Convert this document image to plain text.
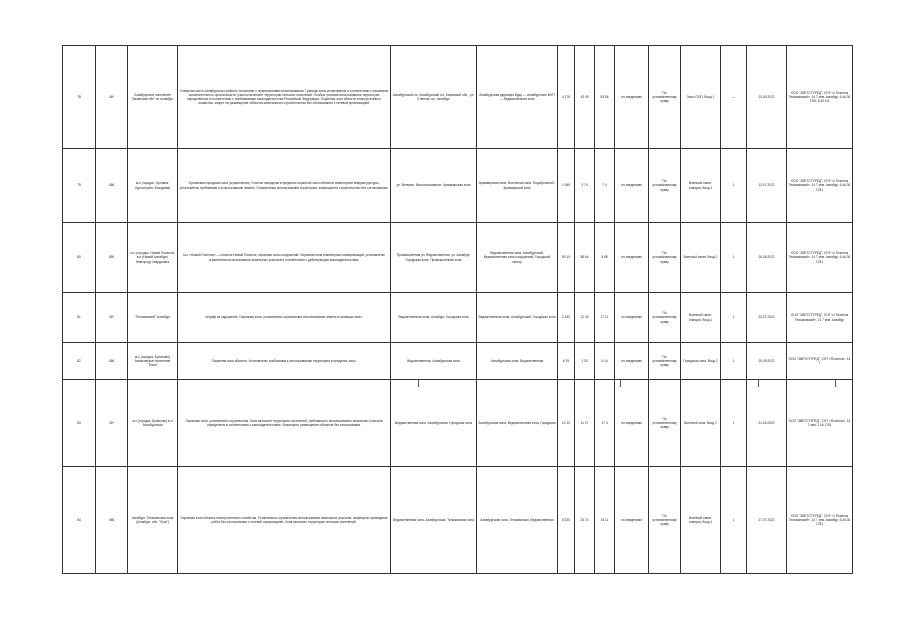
78	48*	Азнабургское поселение "Казанский обл" из Азнабург	Северная часть Азнабургского района, поселение с ограничениями использования. Границы зоны установлены в соответствии с решением исполнительного органа власти, участок включает территории сельских поселений. Особые условия использования территории определяются в соответствии с требованиями законодательства Российской Федерации. Охранная зона объекта электросетевого хозяйства, запрет на размещение объектов капитального строительства без согласования с сетевой организацией.	Азнабургский с/с, Азнабургский с/с, Казанский обл., ул. Степная, пр. Азнабург	Азнабургская дирекция Вуди — Азнабургское МУП — Ведомственная зона	4 178	43 49	83 56	по сведениям	По установленному праву	Зоны ООП, Вход 1	—	23.09.2022	ООО "ЗВЕТСТУРЕД", СНТ «1 Поселок Тельманский», 14 7 зем. Азнабур, 6.44.30 1781 5.43 и 5
79	456	м-с (городск. Орловск. Одностройн. Фасадная)	Орловская городская зона (ограничения). Участок находится в пределах охранной зоны объектов инженерной инфраструктуры, установлены требования к использованию земель. Ограничения использования территории: запрещается строительство без согласования.	ул. Ветеран. Восточнокирпичн. Армавирская зона	Армавирская зона, Восточная зона, Подобромной / Армавирской зоне	1 069	3 74	7 4	по сведениям	По установленному праву	Военный санит. станция, Вход 1	1	13.07.2022	ООО "ЗВЕТСТУРЕД", СНТ «1 Поселок Тельманский», 14 7 зем. Азнабур, 6.44.30 1781
80	559	м-с (городск. Новый Поселок) в-п (Новый Азнабург/Новгород) Свердловск	м-с «Новый Поселок» — поселок Новый Поселок, охранная зона сооружений. Охранная зона инженерных коммуникаций, установлены ограничения использования земельных участков в соответствии с действующим законодательством.	Промышленная ул. Ведомственная, ул. Азнабург, Городская зона, Промышленная зона	Ведомственная зона, Азнабургский, Ведомственная зона сооружений, Городской сектор	50 10	58 64	8 88	по сведениям	По установленному праву	Военный санит. Вход 2	1	26.08.2022	ООО "ЗВЕТСТУРЕД", СНТ «1 Поселок Тельманский», 14 7 зем. Азнабур, 6.44.30 1781
81	45*	"Тельманский" Азнабург	Штраф за нарушение. Охранная зона, установлены ограничения использования земель в границах зоны.	Ведомственная зона, Азнабург, Городская зона	Ведомственная зона, Азнабургский, Городская зона	2 450	12 30	17 11	по сведениям	По установленному праву	Военный санит. станция, Вход 1	1	23.07.2022	ООО "ЗВЕТСТУРЕД", СНТ «1 Поселок Тельманский», 14 7 зем. Азнабур
82	456	м-с (городск. Буланово) Ахматовское поселение "Тонга"	Охранная зона объекта. Установлены требования к использованию территории в пределах зоны.	Ведомственная, Азнабургская зона	Азнабургская зона, Ведомственная	6 29	1 20	0 14	по сведениям	По установленному праву	Городская зона, Вход 2	1	25.09.2022	ООО "ЗВЕТСТУРЕД", СНТ «Поселок», 14 7
83	45*	м-с (городск. Буланово) в-п Азнабургская	Охранная зона, установлены ограничения. Зона включает территории поселений, требования к использованию земельных участков определены в соответствии с законодательством. Запрещено размещение объектов без согласования.	Ведомственная зона, Азнабургская, Городская зона	Азнабургская зона, Ведомственная зона, Городская	12 10	11 27	17 4	по сведениям	По установленному праву	Военный зона, Вход 1	1	21.04.2022	ООО "ЗВЕТСТУРЕД", СНТ «Поселок», 14 7 зем. 2 16 1781
84	456	Азнабург. Тельманская зона (Азнабург. обл. "Луга")	Охранная зона объекта электросетевого хозяйства. Установлены ограничения использования земельных участков, запрещено проведение работ без согласования с сетевой организацией. Зона включает территории сельских поселений.	Ведомственная зона, Азнабургская, Тельманская зона	Азнабургская зона, Тельманская, Ведомственная	8 220	25 74	10 11	по сведениям	По установленному праву	Военный санит. станция, Вход 1	1	17.07.2022	ООО "ЗВЕТСТУРЕД", СНТ «1 Поселок Тельманский», 14 7 зем. Азнабур, 6.44.30 1781
